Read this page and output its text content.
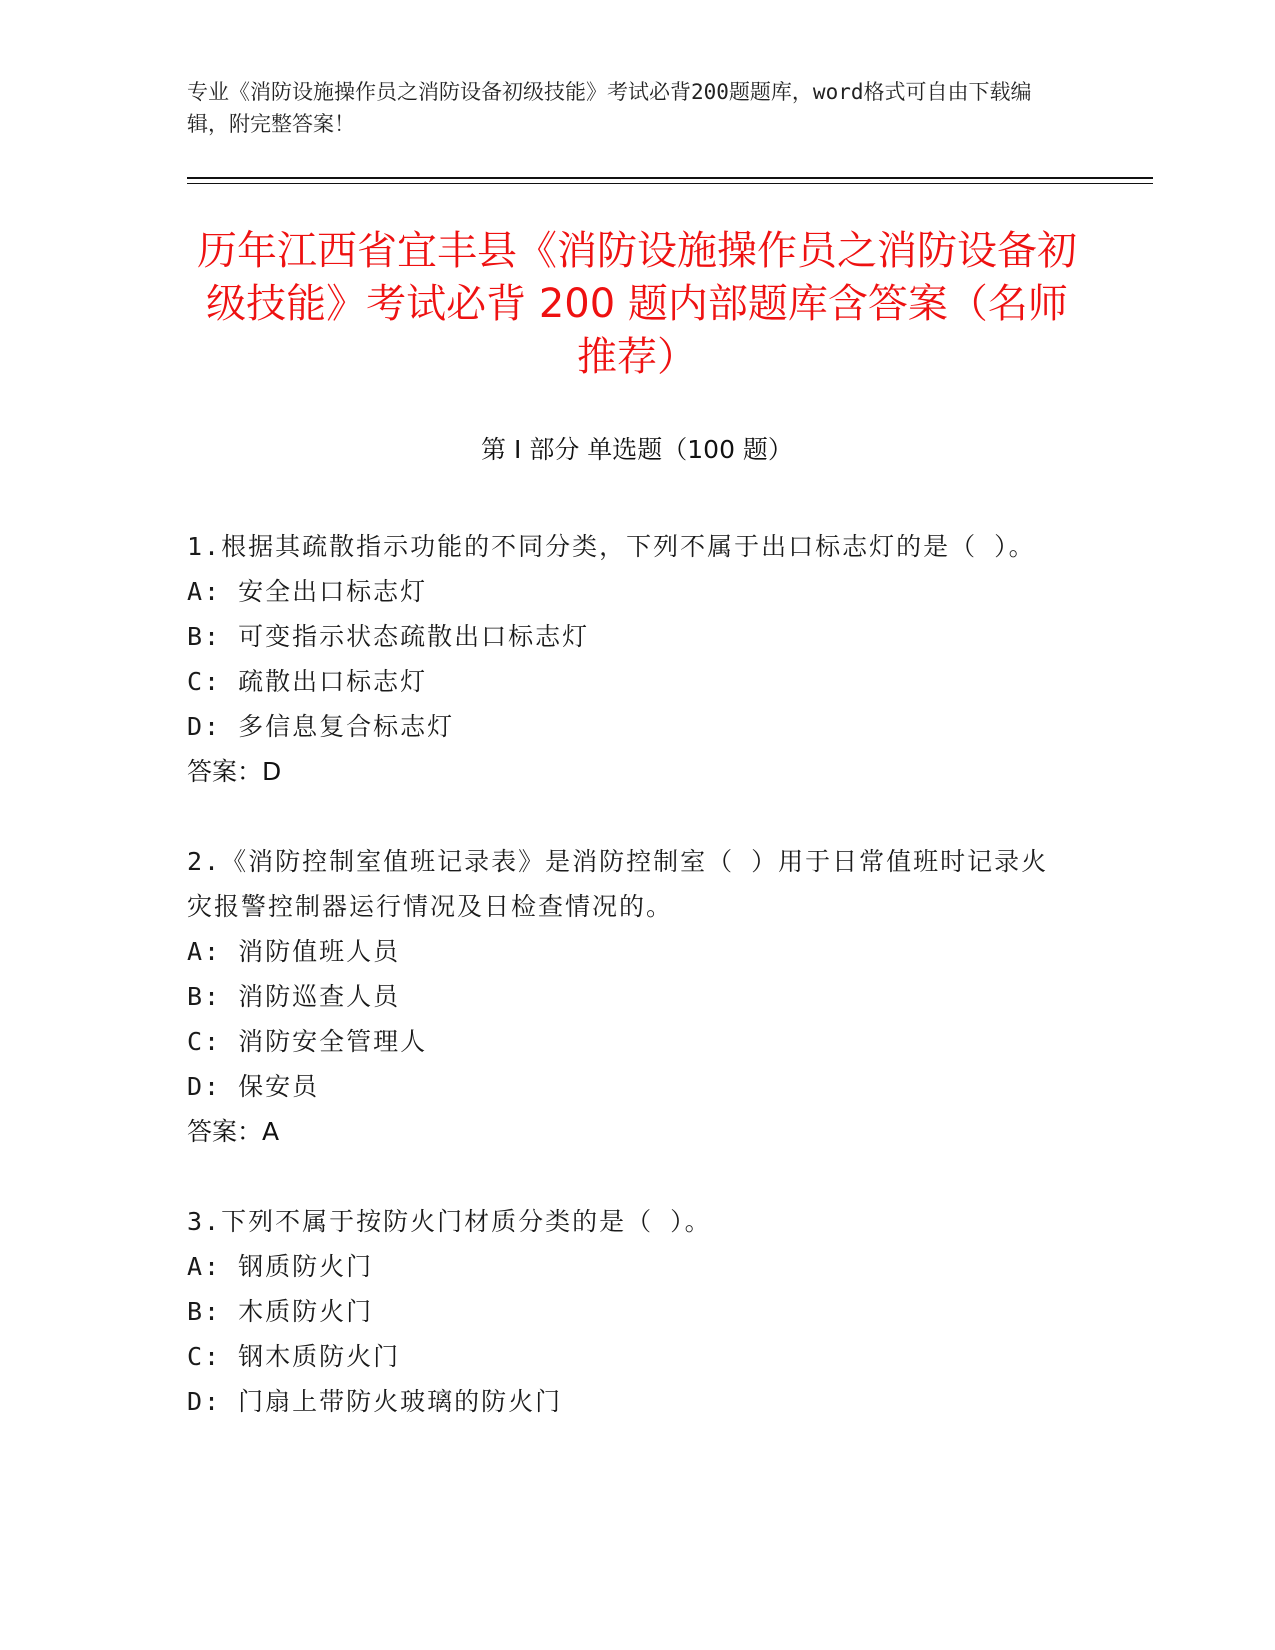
专业《消防设施操作员之消防设备初级技能》考试必背200题题库，word格式可自由下载编辑，附完整答案！
历年江西省宜丰县《消防设施操作员之消防设备初级技能》考试必背 200 题内部题库含答案（名师推荐）
第 I 部分 单选题（100 题）
1.根据其疏散指示功能的不同分类，下列不属于出口标志灯的是（ ）。
A: 安全出口标志灯
B: 可变指示状态疏散出口标志灯
C: 疏散出口标志灯
D: 多信息复合标志灯
答案：D
2.《消防控制室值班记录表》是消防控制室（ ）用于日常值班时记录火灾报警控制器运行情况及日检查情况的。
A: 消防值班人员
B: 消防巡查人员
C: 消防安全管理人
D: 保安员
答案：A
3.下列不属于按防火门材质分类的是（ ）。
A: 钢质防火门
B: 木质防火门
C: 钢木质防火门
D: 门扇上带防火玻璃的防火门
